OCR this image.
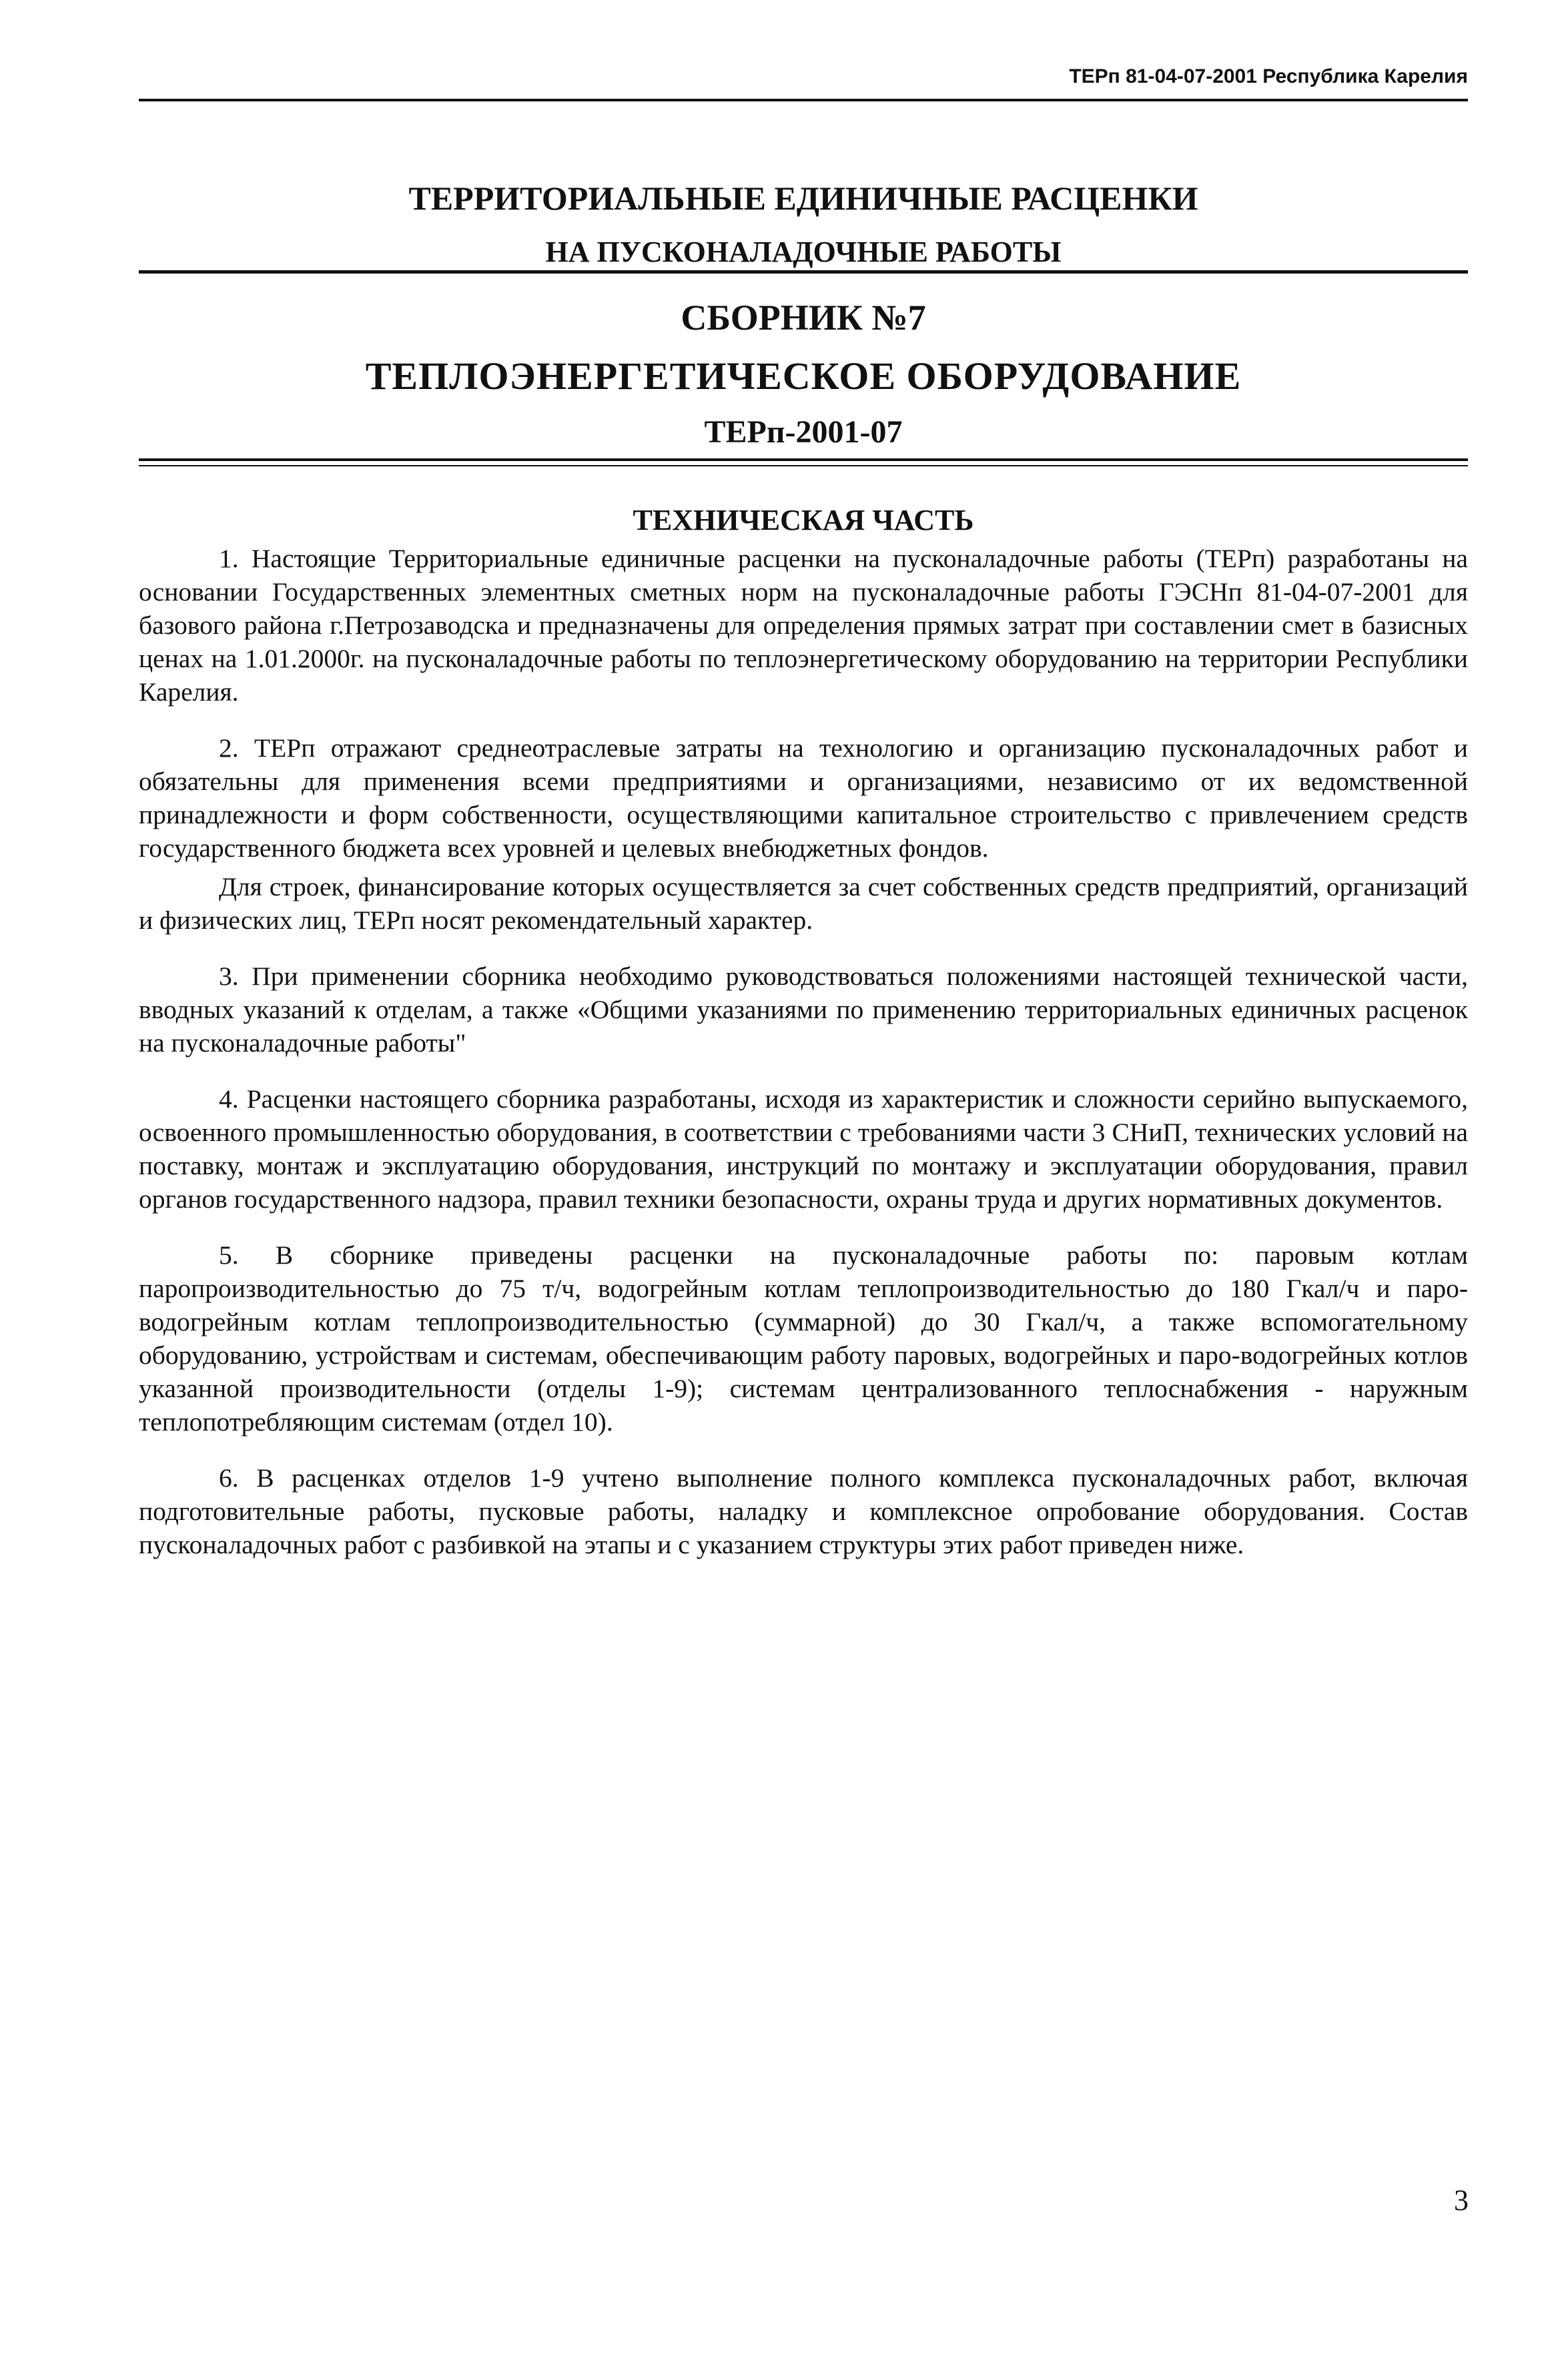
ТЕРп 81-04-07-2001 Республика Карелия
ТЕРРИТОРИАЛЬНЫЕ ЕДИНИЧНЫЕ РАСЦЕНКИ
НА ПУСКОНАЛАДОЧНЫЕ РАБОТЫ
СБОРНИК №7
ТЕПЛОЭНЕРГЕТИЧЕСКОЕ ОБОРУДОВАНИЕ
ТЕРп-2001-07
ТЕХНИЧЕСКАЯ ЧАСТЬ

1. Настоящие Территориальные единичные расценки на пусконаладочные работы (ТЕРп) разработаны на основании Государственных элементных сметных норм на пусконаладочные работы ГЭСНп 81-04-07-2001 для базового района г.Петрозаводска и предназначены для определения прямых затрат при составлении смет в базисных ценах на 1.01.2000г. на пусконаладочные работы по теплоэнергетическому оборудованию на территории Республики Карелия.

2. ТЕРп отражают среднеотраслевые затраты на технологию и организацию пусконаладочных работ и обязательны для применения всеми предприятиями и организациями, независимо от их ведомственной принадлежности и форм собственности, осуществляющими капитальное строительство с привлечением средств государственного бюджета всех уровней и целевых внебюджетных фондов.

Для строек, финансирование которых осуществляется за счет собственных средств предприятий, организаций и физических лиц, ТЕРп носят рекомендательный характер.

3. При применении сборника необходимо руководствоваться положениями настоящей технической части, вводных указаний к отделам, а также «Общими указаниями по применению территориальных единичных расценок на пусконаладочные работы"

4. Расценки настоящего сборника разработаны, исходя из характеристик и сложности серийно выпускаемого, освоенного промышленностью оборудования, в соответствии с требованиями части 3 СНиП, технических условий на поставку, монтаж и эксплуатацию оборудования, инструкций по монтажу и эксплуатации оборудования, правил органов государственного надзора, правил техники безопасности, охраны труда и других нормативных документов.

5. В сборнике приведены расценки на пусконаладочные работы по: паровым котлам паропроизводительностью до 75 т/ч, водогрейным котлам теплопроизводительностью до 180 Гкал/ч и паро-водогрейным котлам теплопроизводительностью (суммарной) до 30 Гкал/ч, а также вспомогательному оборудованию, устройствам и системам, обеспечивающим работу паровых, водогрейных и паро-водогрейных котлов указанной производительности (отделы 1-9); системам централизованного теплоснабжения - наружным теплопотребляющим системам (отдел 10).

6. В расценках отделов 1-9 учтено выполнение полного комплекса пусконаладочных работ, включая подготовительные работы, пусковые работы, наладку и комплексное опробование оборудования. Состав пусконаладочных работ с разбивкой на этапы и с указанием структуры этих работ приведен ниже.

3
